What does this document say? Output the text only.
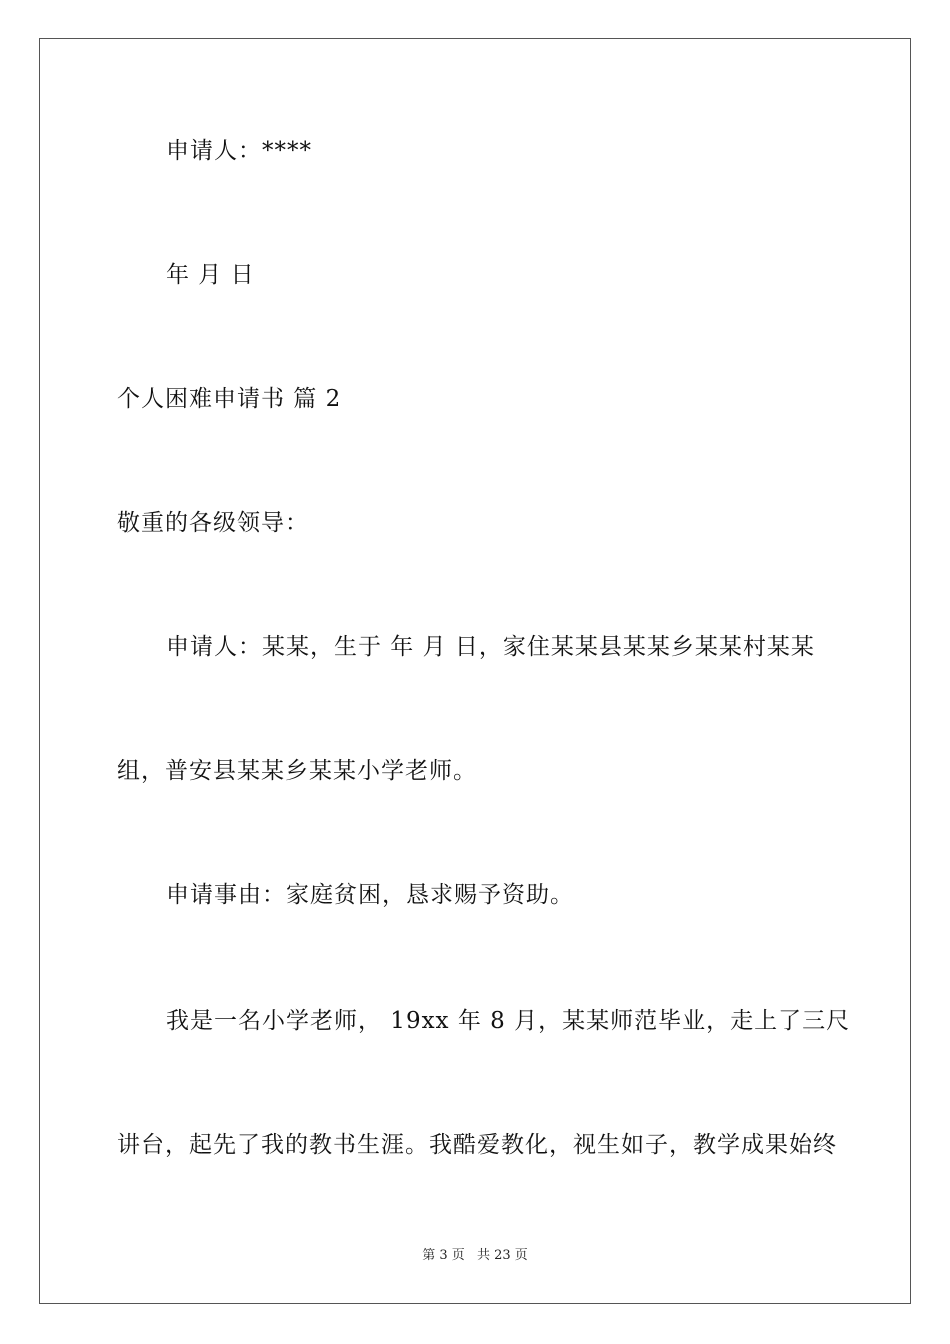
申请人：****
年 月 日
个人困难申请书 篇 2
敬重的各级领导：
申请人：某某，生于 年 月 日，家住某某县某某乡某某村某某
组，普安县某某乡某某小学老师。
申请事由：家庭贫困，恳求赐予资助。
我是一名小学老师， 19xx 年 8 月，某某师范毕业，走上了三尺
讲台，起先了我的教书生涯。我酷爱教化，视生如子，教学成果始终
第 3 页 共 23 页
